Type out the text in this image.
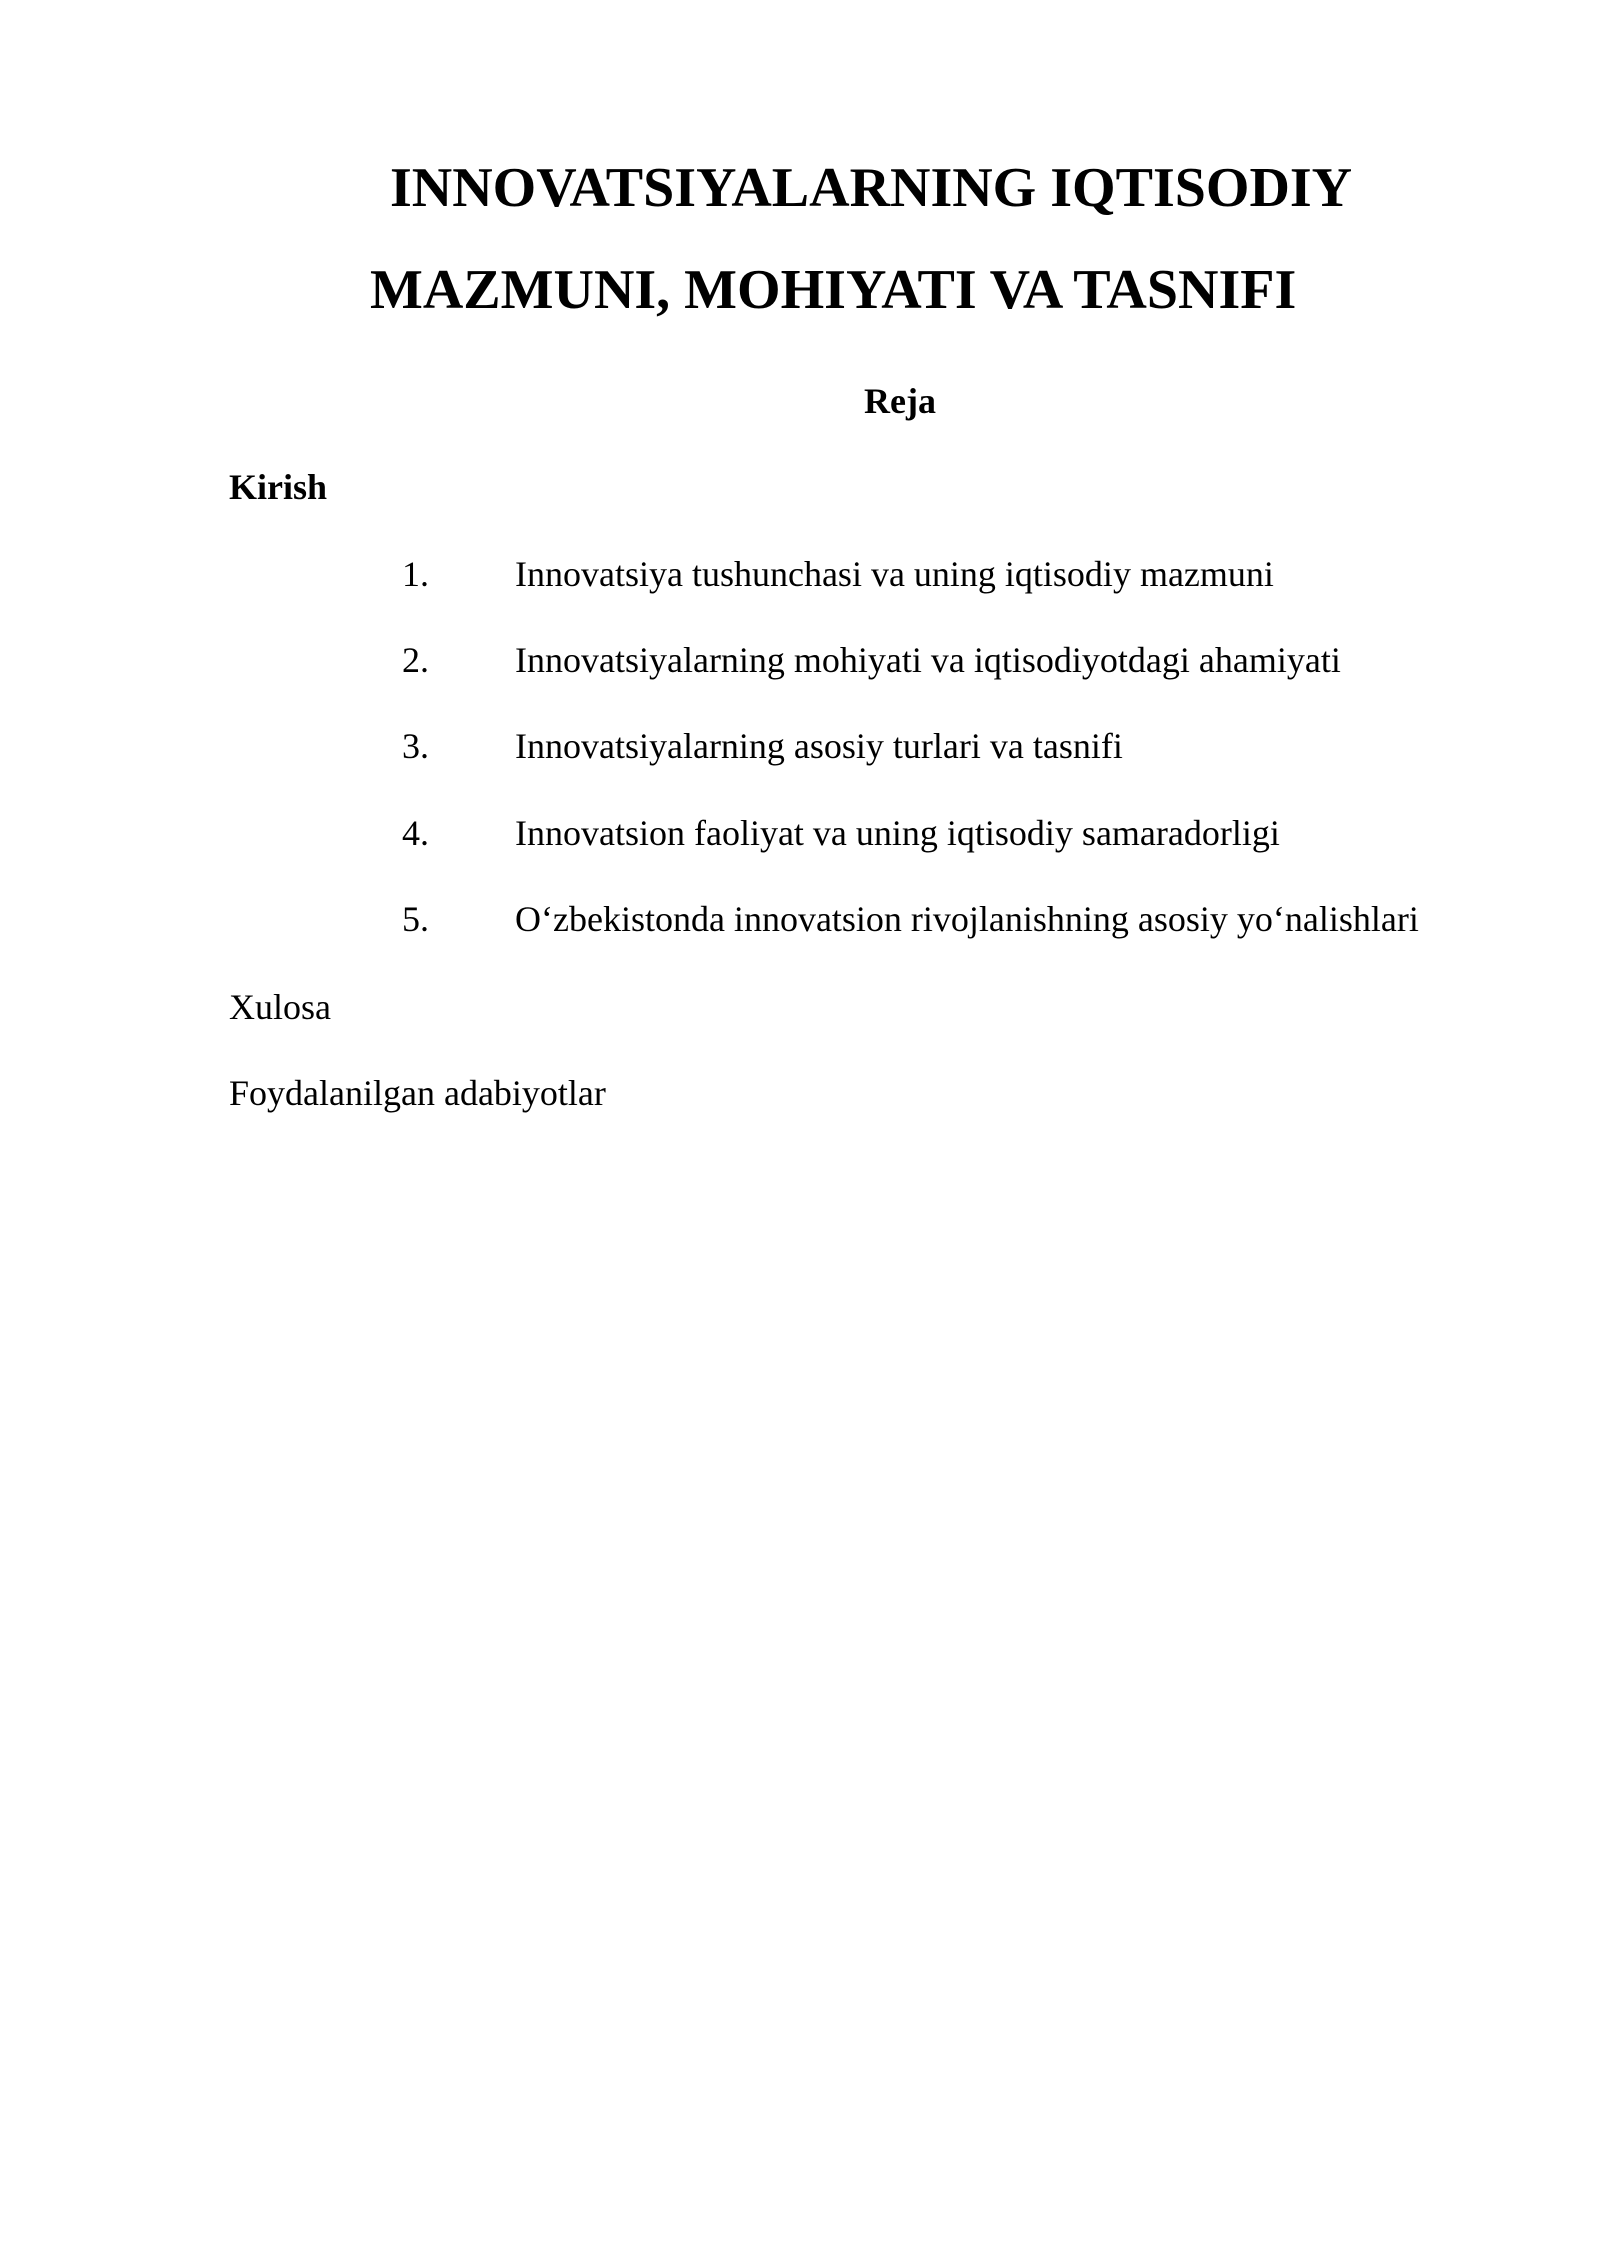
INNOVATSIYALARNING IQTISODIY
MAZMUNI, MOHIYATI VA TASNIFI
Reja
Kirish
1. Innovatsiya tushunchasi va uning iqtisodiy mazmuni
2. Innovatsiyalarning mohiyati va iqtisodiyotdagi ahamiyati
3. Innovatsiyalarning asosiy turlari va tasnifi
4. Innovatsion faoliyat va uning iqtisodiy samaradorligi
5. O‘zbekistonda innovatsion rivojlanishning asosiy yo‘nalishlari
Xulosa
Foydalanilgan adabiyotlar
